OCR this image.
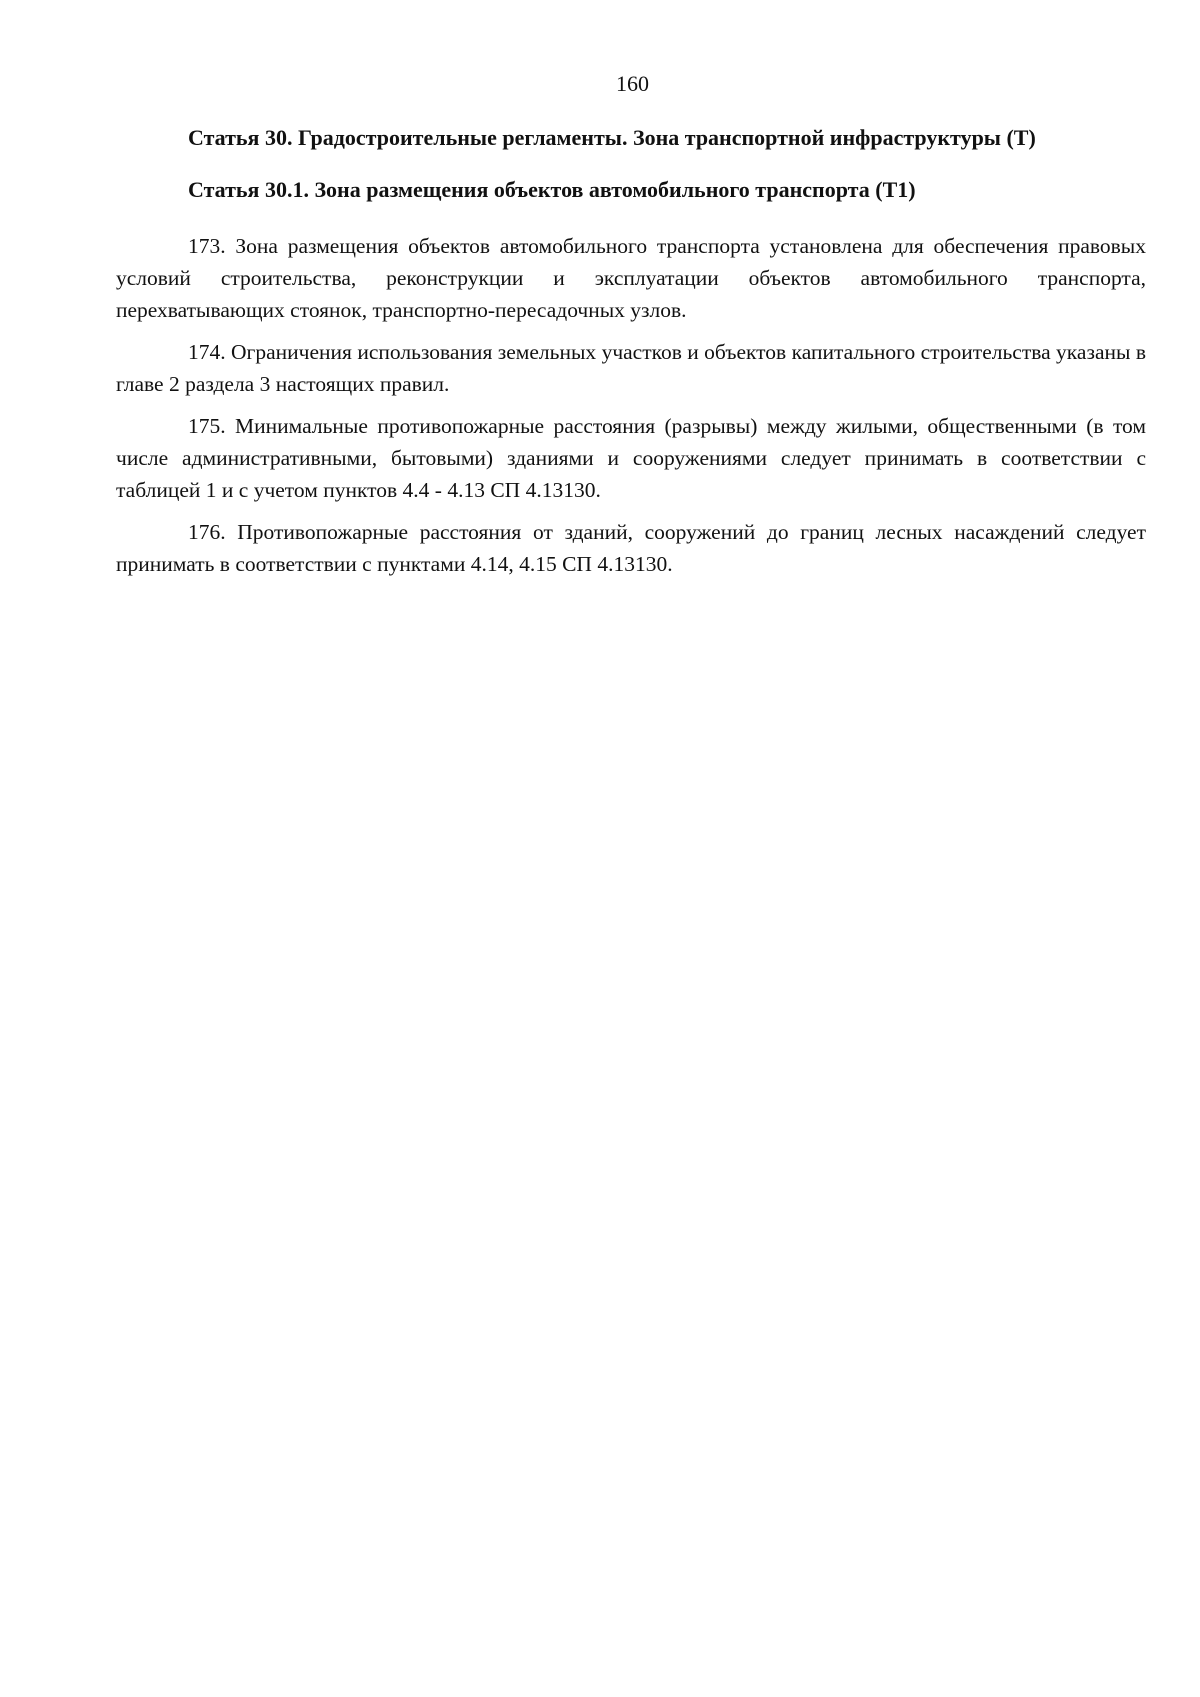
160
Статья 30. Градостроительные регламенты. Зона транспортной инфраструктуры (Т)
Статья 30.1. Зона размещения объектов автомобильного транспорта (Т1)

173. Зона размещения объектов автомобильного транспорта установлена для обеспечения правовых условий строительства, реконструкции и эксплуатации объектов автомобильного транспорта, перехватывающих стоянок, транспортно-пересадочных узлов.

174. Ограничения использования земельных участков и объектов капитального строительства указаны в главе 2 раздела 3 настоящих правил.

175. Минимальные противопожарные расстояния (разрывы) между жилыми, общественными (в том числе административными, бытовыми) зданиями и сооружениями следует принимать в соответствии с таблицей 1 и с учетом пунктов 4.4 - 4.13 СП 4.13130.

176. Противопожарные расстояния от зданий, сооружений до границ лесных насаждений следует принимать в соответствии с пунктами 4.14, 4.15 СП 4.13130.
